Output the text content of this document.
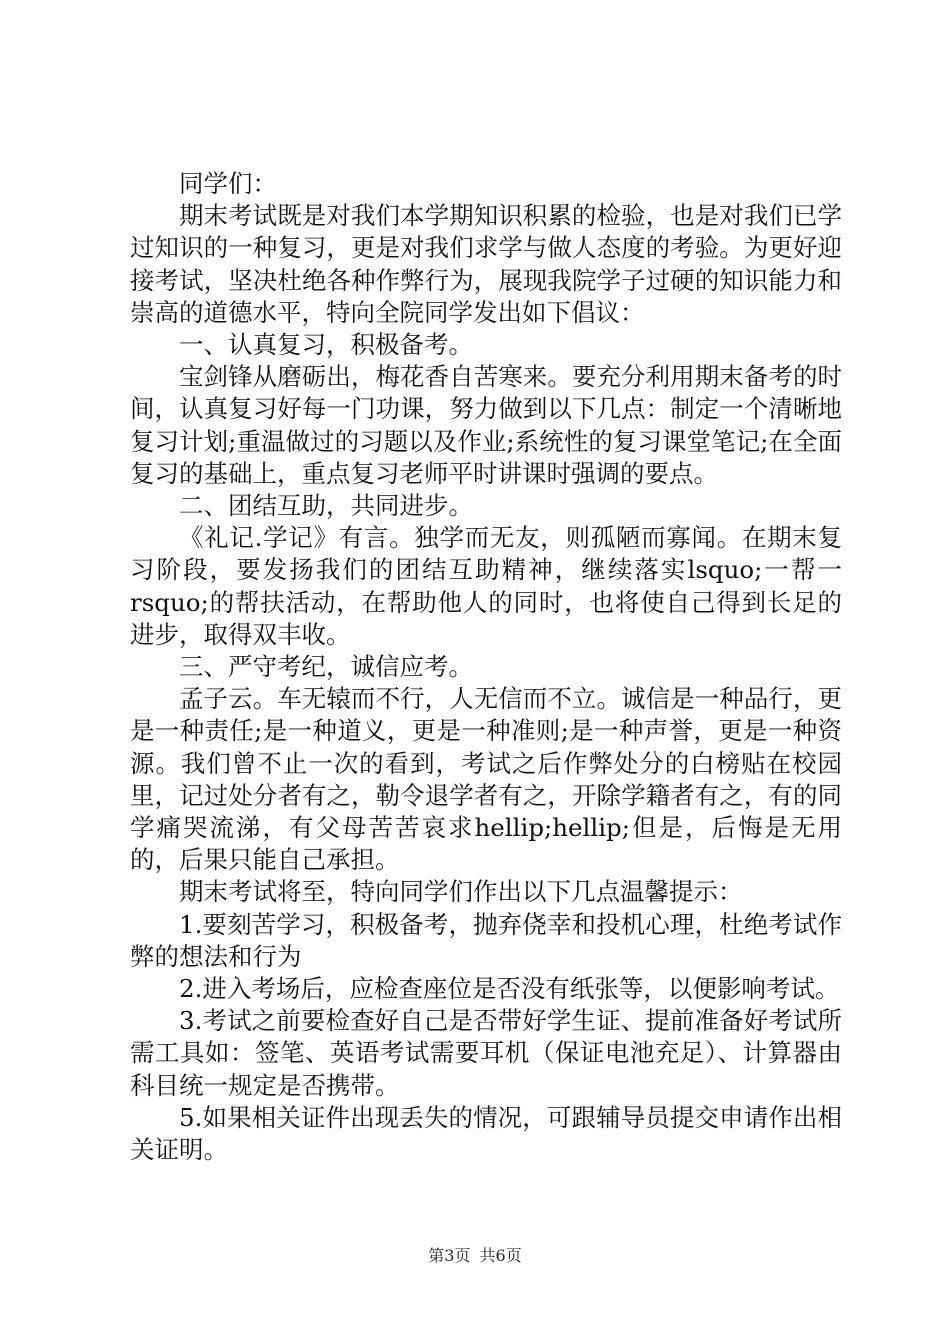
同学们：

期末考试既是对我们本学期知识积累的检验，也是对我们已学过知识的一种复习，更是对我们求学与做人态度的考验。为更好迎接考试，坚决杜绝各种作弊行为，展现我院学子过硬的知识能力和崇高的道德水平，特向全院同学发出如下倡议：

一、认真复习，积极备考。

宝剑锋从磨砺出，梅花香自苦寒来。要充分利用期末备考的时间，认真复习好每一门功课，努力做到以下几点：制定一个清晰地复习计划;重温做过的习题以及作业;系统性的复习课堂笔记;在全面复习的基础上，重点复习老师平时讲课时强调的要点。

二、团结互助，共同进步。

《礼记.学记》有言。独学而无友，则孤陋而寡闻。在期末复习阶段，要发扬我们的团结互助精神，继续落实lsquo;一帮一rsquo;的帮扶活动，在帮助他人的同时，也将使自己得到长足的进步，取得双丰收。

三、严守考纪，诚信应考。

孟子云。车无辕而不行，人无信而不立。诚信是一种品行，更是一种责任;是一种道义，更是一种准则;是一种声誉，更是一种资源。我们曾不止一次的看到，考试之后作弊处分的白榜贴在校园里，记过处分者有之，勒令退学者有之，开除学籍者有之，有的同学痛哭流涕，有父母苦苦哀求hellip;hellip;但是，后悔是无用的，后果只能自己承担。

期末考试将至，特向同学们作出以下几点温馨提示：

1.要刻苦学习，积极备考，抛弃侥幸和投机心理，杜绝考试作弊的想法和行为

2.进入考场后，应检查座位是否没有纸张等，以便影响考试。

3.考试之前要检查好自己是否带好学生证、提前准备好考试所需工具如：签笔、英语考试需要耳机（保证电池充足）、计算器由科目统一规定是否携带。

5.如果相关证件出现丢失的情况，可跟辅导员提交申请作出相关证明。

第3页 共6页
